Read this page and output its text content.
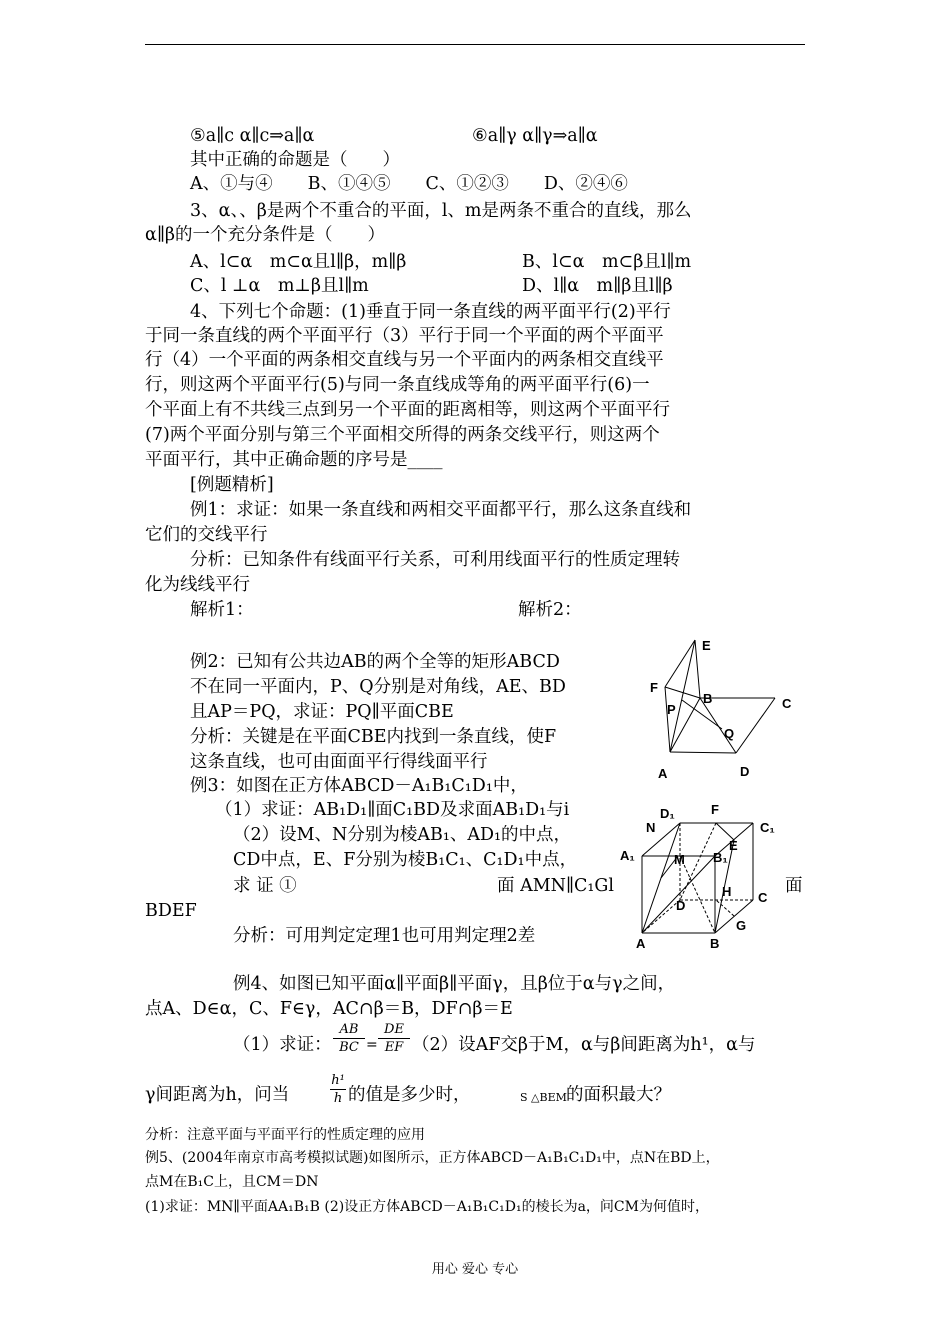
⑤a∥c α∥c⇒a∥α	⑥a∥γ α∥γ⇒a∥α
其中正确的命题是（　　）
A、①与④　　B、①④⑤　　C、①②③　　D、②④⑥
3、α、、β是两个不重合的平面，l、m是两条不重合的直线，那么
α∥β的一个充分条件是（　　）
A、l⊂α　m⊂α且l∥β，m∥β	B、l⊂α　m⊂β且l∥m
C、l ⊥α　m⊥β且l∥m	D、l∥α　m∥β且l∥β
4、下列七个命题：(1)垂直于同一条直线的两平面平行(2)平行
于同一条直线的两个平面平行（3）平行于同一个平面的两个平面平
行（4）一个平面的两条相交直线与另一个平面内的两条相交直线平
行，则这两个平面平行(5)与同一条直线成等角的两平面平行(6)一
个平面上有不共线三点到另一个平面的距离相等，则这两个平面平行
(7)两个平面分别与第三个平面相交所得的两条交线平行，则这两个
平面平行，其中正确命题的序号是____
[例题精析]
例1：求证：如果一条直线和两相交平面都平行，那么这条直线和
它们的交线平行
分析：已知条件有线面平行关系，可利用线面平行的性质定理转
化为线线平行
解析1：	解析2：
例2：已知有公共边AB的两个全等的矩形ABCD
不在同一平面内，P、Q分别是对角线，AE、BD
且AP＝PQ，求证：PQ∥平面CBE
分析：关键是在平面CBE内找到一条直线，使F
这条直线，也可由面面平行得线面平行
例3：如图在正方体ABCD－A₁B₁C₁D₁中，
（1）求证：AB₁D₁∥面C₁BD及求面AB₁D₁与i
（2）设M、N分别为棱AB₁、AD₁的中点，
CD中点，E、F分别为棱B₁C₁、C₁D₁中点，
求 证 ①	面 AMN∥C₁Gl	面
BDEF
分析：可用判定定理1也可用判定理2差
例4、如图已知平面α∥平面β∥平面γ，且β位于α与γ之间，
点A、D∈α，C、F∈γ，AC∩β＝B，DF∩β＝E
（1）求证：
AB
BC =
DE
EF （2）设AF交β于M，α与β间距离为h¹，α与
γ间距离为h，问当
h¹
h 的值是多少时，	S △BEM 的面积最大？
分析：注意平面与平面平行的性质定理的应用
例5、(2004年南京市高考模拟试题)如图所示，正方体ABCD－A₁B₁C₁D₁中，点N在BD上，
点M在B₁C上，且CM＝DN
(1)求证：MN∥平面AA₁B₁B (2)设正方体ABCD－A₁B₁C₁D₁的棱长为a，问CM为何值时，
E
F
B
P	C
Q
A	D
D₁	F
N	C₁
A₁	M B₁
E
D
H C
G
A	B
用心 爱心 专心
